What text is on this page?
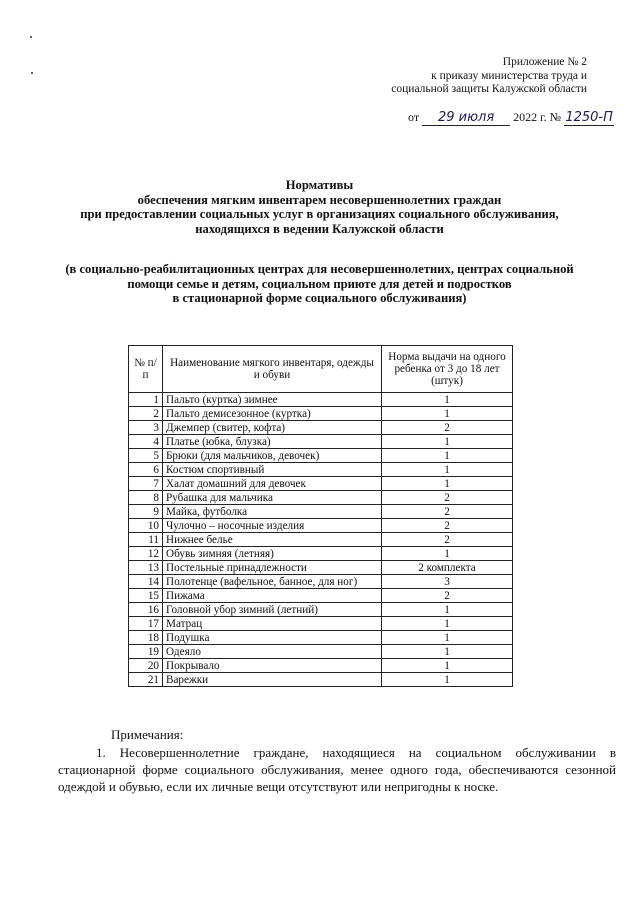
Приложение № 2
к приказу министерства труда и
социальной защиты Калужской области
от 29 июля 2022 г. № 1250-П
Нормативы
обеспечения мягким инвентарем несовершеннолетних граждан
при предоставлении социальных услуг в организациях социального обслуживания,
находящихся в ведении Калужской области
(в социально-реабилитационных центрах для несовершеннолетних, центрах социальной
помощи семье и детям, социальном приюте для детей и подростков
в стационарной форме социального обслуживания)
№ п/п	Наименование мягкого инвентаря, одежды и обуви	Норма выдачи на одного ребенка от 3 до 18 лет (штук)
1	Пальто (куртка) зимнее	1
2	Пальто демисезонное (куртка)	1
3	Джемпер (свитер, кофта)	2
4	Платье (юбка, блузка)	1
5	Брюки (для мальчиков, девочек)	1
6	Костюм спортивный	1
7	Халат домашний для девочек	1
8	Рубашка для мальчика	2
9	Майка, футболка	2
10	Чулочно – носочные изделия	2
11	Нижнее белье	2
12	Обувь зимняя (летняя)	1
13	Постельные принадлежности	2 комплекта
14	Полотенце (вафельное, банное, для ног)	3
15	Пижама	2
16	Головной убор зимний (летний)	1
17	Матрац	1
18	Подушка	1
19	Одеяло	1
20	Покрывало	1
21	Варежки	1
Примечания:
1. Несовершеннолетние граждане, находящиеся на социальном обслуживании в стационарной форме социального обслуживания, менее одного года, обеспечиваются сезонной одеждой и обувью, если их личные вещи отсутствуют или непригодны к носке.
